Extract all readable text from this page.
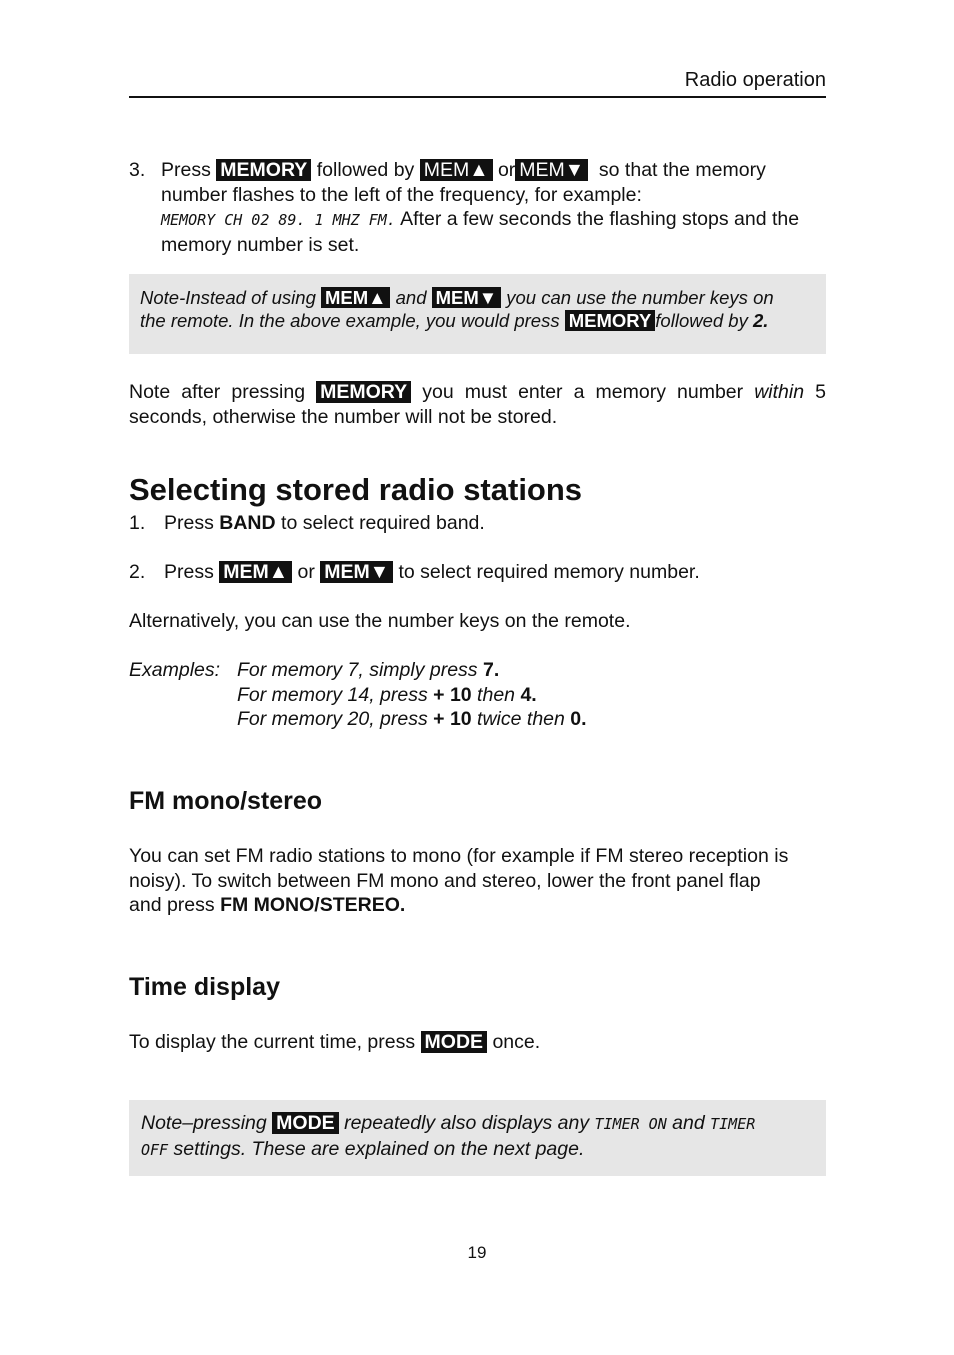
Radio operation

3. Press MEMORY followed by MEM▲ or MEM▼ so that the memory

number flashes to the left of the frequency, for example:

MEMORY CH 02 89. 1 MHZ FM. After a few seconds the flashing stops and the

memory number is set.

Note-Instead of using MEM▲ and MEM▼ you can use the number keys on

the remote. In the above example, you would press MEMORY followed by 2.

Note after pressing MEMORY you must enter a memory number within 5

seconds, otherwise the number will not be stored.

Selecting stored radio stations

1. Press BAND to select required band.

2. Press MEM▲ or MEM▼ to select required memory number.

Alternatively, you can use the number keys on the remote.

Examples: For memory 7, simply press 7.
For memory 14, press + 10 then 4.
For memory 20, press + 10 twice then 0.
FM mono/stereo

You can set FM radio stations to mono (for example if FM stereo reception is

noisy). To switch between FM mono and stereo, lower the front panel flap

and press FM MONO/STEREO.

Time display

To display the current time, press MODE once.

Note–pressing MODE repeatedly also displays any TIMER ON and TIMER

OFF settings. These are explained on the next page.

19
